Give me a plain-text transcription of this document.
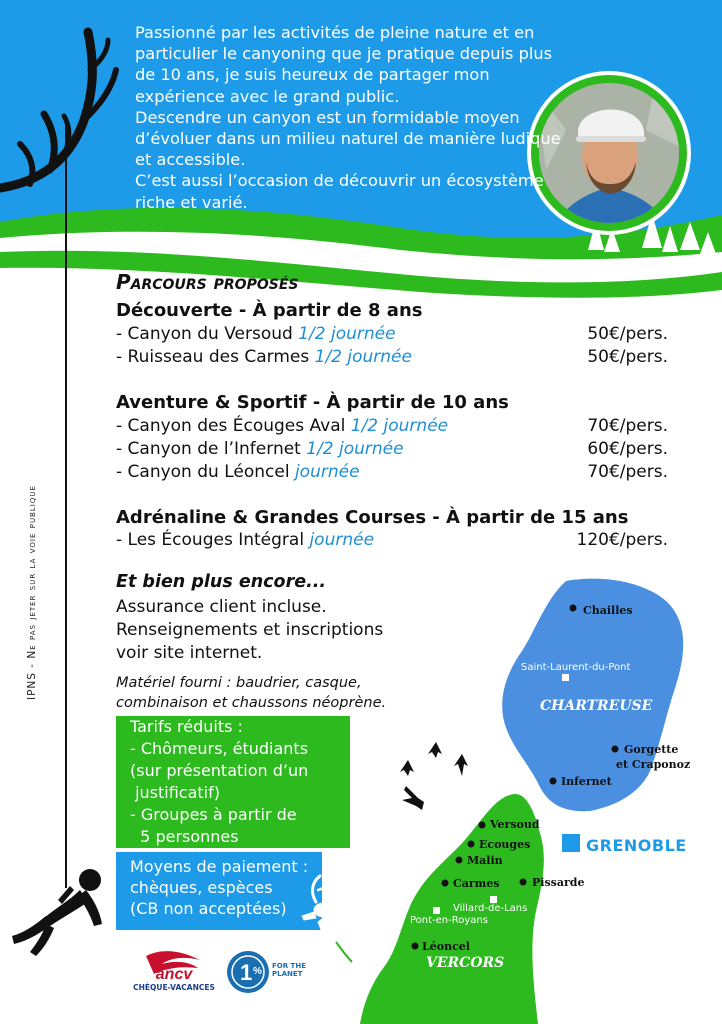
Passionné par les activités de pleine nature et en particulier le canyoning que je pratique depuis plus de 10 ans, je suis heureux de partager mon expérience avec le grand public.

Descendre un canyon est un formidable moyen d’évoluer dans un milieu naturel de manière ludique et accessible.

C’est aussi l’occasion de découvrir un écosystème riche et varié.

IPNS - Ne pas jeter sur la voie publique
Parcours proposés
Découverte - À partir de 8 ans
- Canyon du Versoud 1/2 journée	50€/pers.
- Ruisseau des Carmes 1/2 journée	50€/pers.
Aventure & Sportif - À partir de 10 ans
- Canyon des Écouges Aval 1/2 journée	70€/pers.
- Canyon de l’Infernet 1/2 journée	60€/pers.
- Canyon du Léoncel journée	70€/pers.
Adrénaline & Grandes Courses - À partir de 15 ans
- Les Écouges Intégral journée	120€/pers.
Et bien plus encore...
Assurance client incluse.
Renseignements et inscriptions
voir site internet.
Matériel fourni : baudrier, casque,
combinaison et chaussons néoprène.
Tarifs réduits :
- Chômeurs, étudiants
(sur présentation d’un
justificatif)
- Groupes à partir de
5 personnes
Moyens de paiement :
chèques, espèces
(CB non acceptées)
ancv
CHÈQUE-VACANCES
1 % FOR THE
PLANET
Chailles
Saint-Laurent-du-Pont
CHARTREUSE
Gorgette
et Craponoz
Infernet
Versoud
Ecouges
Malin
Carmes	Pissarde
Villard-de-Lans
Pont-en-Royans
Léoncel
VERCORS
GRENOBLE
